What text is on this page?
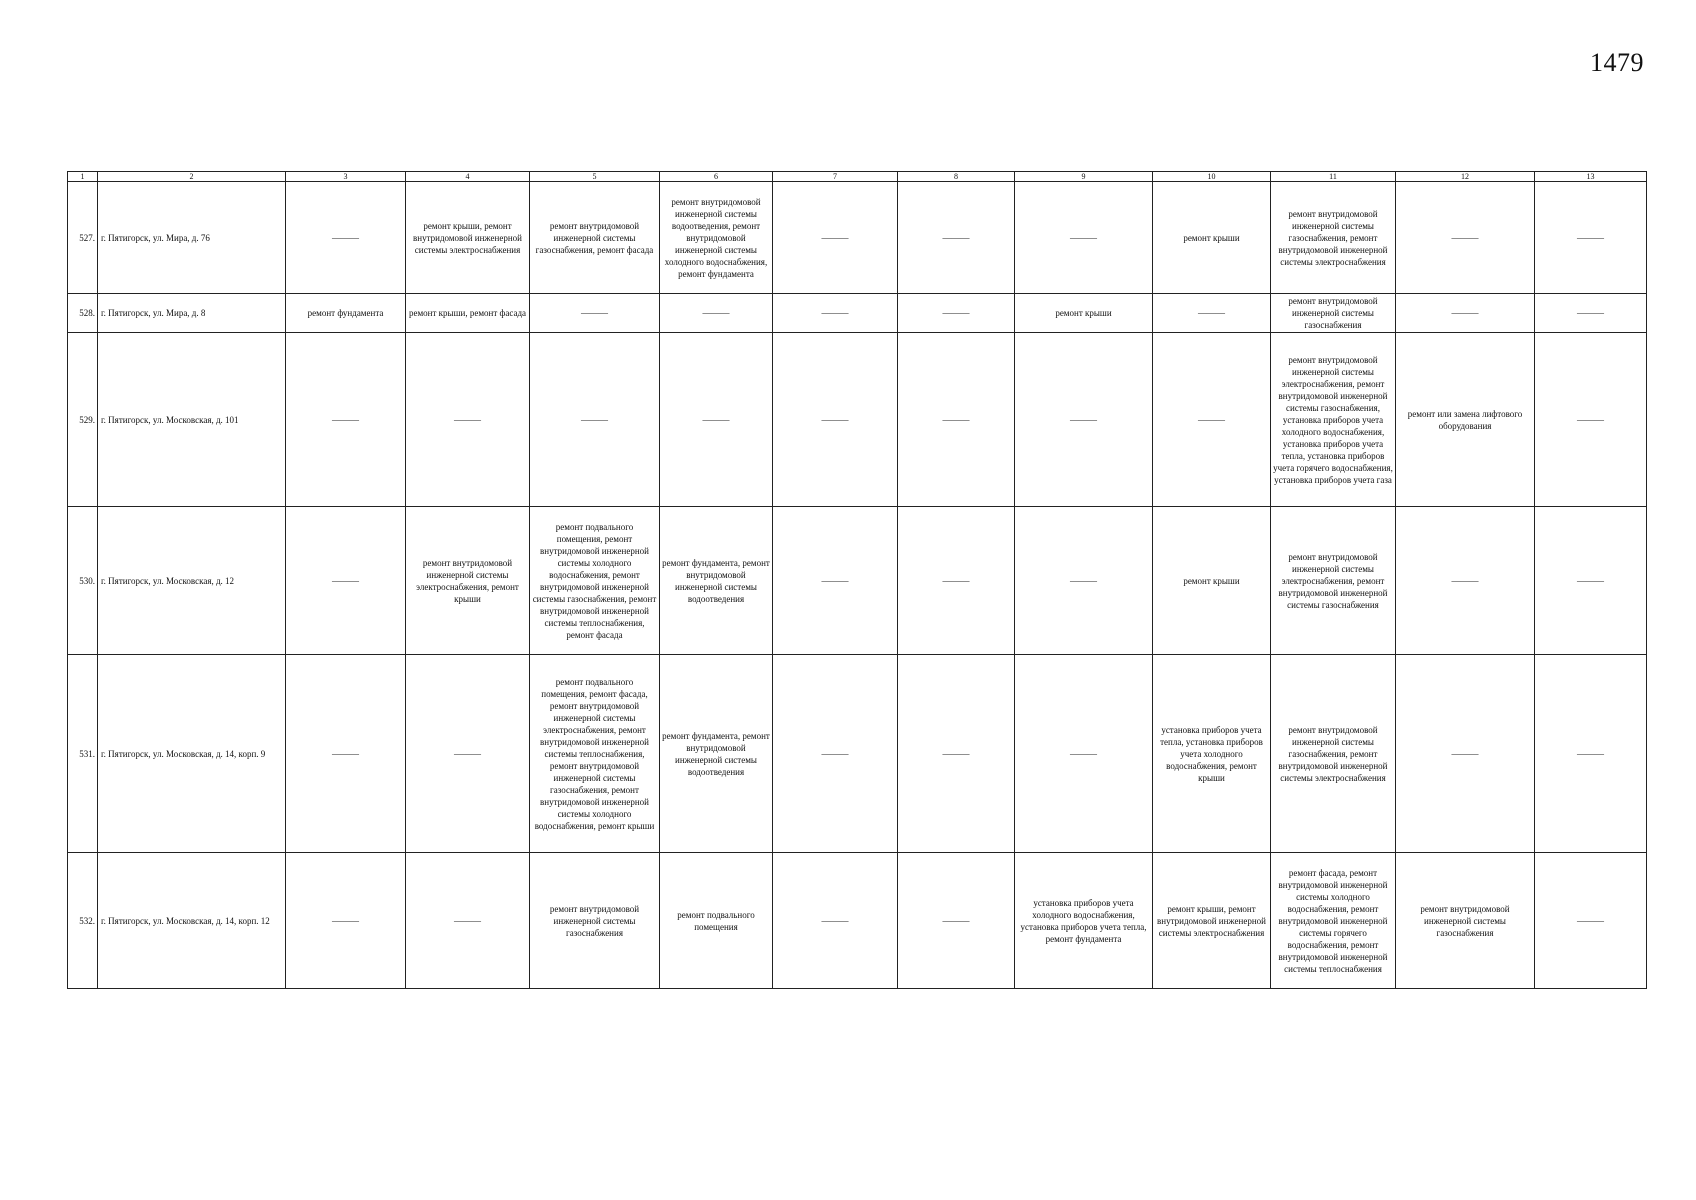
1479
1	2	3	4	5	6	7	8	9	10	11	12	13
527.	г. Пятигорск, ул. Мира, д. 76	———	ремонт крыши, ремонт внутридомовой инженерной системы электроснабжения	ремонт внутридомовой инженерной системы газоснабжения, ремонт фасада	ремонт внутридомовой инженерной системы водоотведения, ремонт внутридомовой инженерной системы холодного водоснабжения, ремонт фундамента	———	———	———	ремонт крыши	ремонт внутридомовой инженерной системы газоснабжения, ремонт внутридомовой инженерной системы электроснабжения	———	———
528.	г. Пятигорск, ул. Мира, д. 8	ремонт фундамента	ремонт крыши, ремонт фасада	———	———	———	———	ремонт крыши	———	ремонт внутридомовой инженерной системы газоснабжения	———	———
529.	г. Пятигорск, ул. Московская, д. 101	———	———	———	———	———	———	———	———	ремонт внутридомовой инженерной системы электроснабжения, ремонт внутридомовой инженерной системы газоснабжения, установка приборов учета холодного водоснабжения, установка приборов учета тепла, установка приборов учета горячего водоснабжения, установка приборов учета газа	ремонт или замена лифтового оборудования	———
530.	г. Пятигорск, ул. Московская, д. 12	———	ремонт внутридомовой инженерной системы электроснабжения, ремонт крыши	ремонт подвального помещения, ремонт внутридомовой инженерной системы холодного водоснабжения, ремонт внутридомовой инженерной системы газоснабжения, ремонт внутридомовой инженерной системы теплоснабжения, ремонт фасада	ремонт фундамента, ремонт внутридомовой инженерной системы водоотведения	———	———	———	ремонт крыши	ремонт внутридомовой инженерной системы электроснабжения, ремонт внутридомовой инженерной системы газоснабжения	———	———
531.	г. Пятигорск, ул. Московская, д. 14, корп. 9	———	———	ремонт подвального помещения, ремонт фасада, ремонт внутридомовой инженерной системы электроснабжения, ремонт внутридомовой инженерной системы теплоснабжения, ремонт внутридомовой инженерной системы газоснабжения, ремонт внутридомовой инженерной системы холодного водоснабжения, ремонт крыши	ремонт фундамента, ремонт внутридомовой инженерной системы водоотведения	———	———	———	установка приборов учета тепла, установка приборов учета холодного водоснабжения, ремонт крыши	ремонт внутридомовой инженерной системы газоснабжения, ремонт внутридомовой инженерной системы электроснабжения	———	———
532.	г. Пятигорск, ул. Московская, д. 14, корп. 12	———	———	ремонт внутридомовой инженерной системы газоснабжения	ремонт подвального помещения	———	———	установка приборов учета холодного водоснабжения, установка приборов учета тепла, ремонт фундамента	ремонт крыши, ремонт внутридомовой инженерной системы электроснабжения	ремонт фасада, ремонт внутридомовой инженерной системы холодного водоснабжения, ремонт внутридомовой инженерной системы горячего водоснабжения, ремонт внутридомовой инженерной системы теплоснабжения	ремонт внутридомовой инженерной системы газоснабжения	———
